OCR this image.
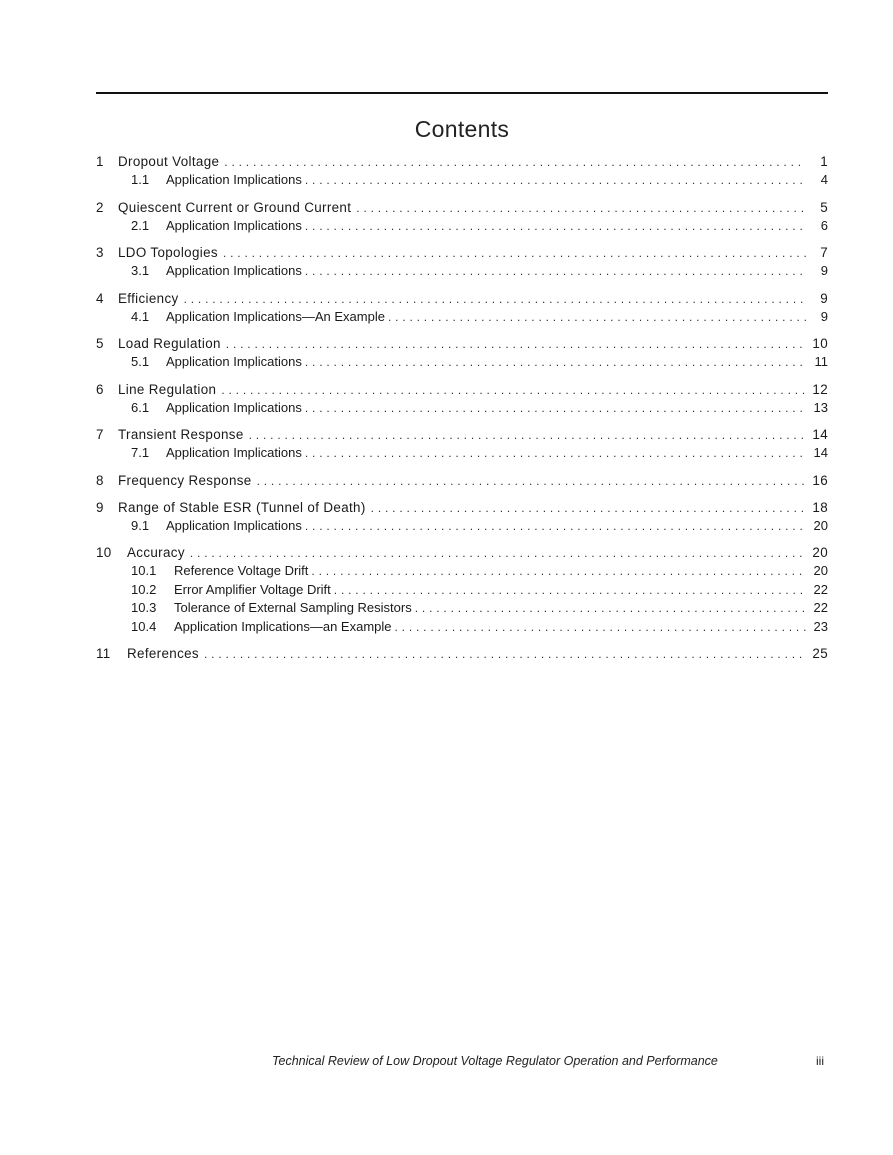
Contents
1	Dropout Voltage . . .	1
1.1	Application Implications . . .	4
2	Quiescent Current or Ground Current . . .	5
2.1	Application Implications . . .	6
3	LDO Topologies . . .	7
3.1	Application Implications . . .	9
4	Efficiency . . .	9
4.1	Application Implications—An Example . . .	9
5	Load Regulation . . .	10
5.1	Application Implications . . .	11
6	Line Regulation . . .	12
6.1	Application Implications . . .	13
7	Transient Response . . .	14
7.1	Application Implications . . .	14
8	Frequency Response . . .	16
9	Range of Stable ESR (Tunnel of Death) . . .	18
9.1	Application Implications . . .	20
10	Accuracy . . .	20
10.1	Reference Voltage Drift . . .	20
10.2	Error Amplifier Voltage Drift . . .	22
10.3	Tolerance of External Sampling Resistors . . .	22
10.4	Application Implications—an Example . . .	23
11	References . . .	25
Technical Review of Low Dropout Voltage Regulator Operation and Performance	iii
